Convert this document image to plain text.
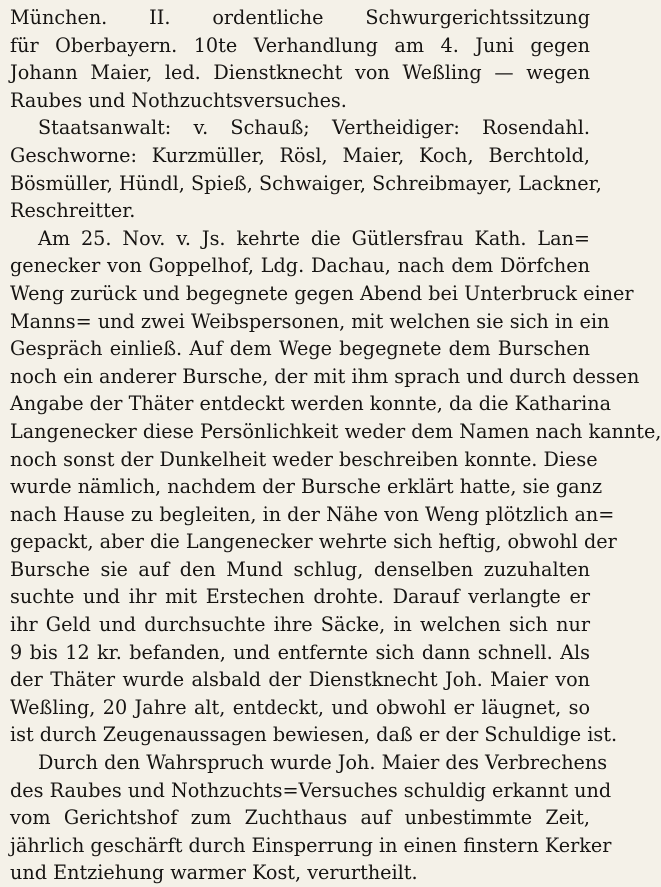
München. II. ordentliche Schwurgerichtssitzung
für Oberbayern. 10te Verhandlung am 4. Juni gegen
Johann Maier, led. Dienstknecht von Weßling — wegen
Raubes und Nothzuchtsversuches.

Staatsanwalt: v. Schauß; Vertheidiger: Rosendahl.
Geschworne: Kurzmüller, Rösl, Maier, Koch, Berchtold,
Bösmüller, Hündl, Spieß, Schwaiger, Schreibmayer, Lackner,
Reschreitter.

Am 25. Nov. v. Js. kehrte die Gütlersfrau Kath. Lan=
genecker von Goppelhof, Ldg. Dachau, nach dem Dörfchen
Weng zurück und begegnete gegen Abend bei Unterbruck einer
Manns= und zwei Weibspersonen, mit welchen sie sich in ein
Gespräch einließ. Auf dem Wege begegnete dem Burschen
noch ein anderer Bursche, der mit ihm sprach und durch dessen
Angabe der Thäter entdeckt werden konnte, da die Katharina
Langenecker diese Persönlichkeit weder dem Namen nach kannte,
noch sonst der Dunkelheit weder beschreiben konnte. Diese
wurde nämlich, nachdem der Bursche erklärt hatte, sie ganz
nach Hause zu begleiten, in der Nähe von Weng plötzlich an=
gepackt, aber die Langenecker wehrte sich heftig, obwohl der
Bursche sie auf den Mund schlug, denselben zuzuhalten
suchte und ihr mit Erstechen drohte. Darauf verlangte er
ihr Geld und durchsuchte ihre Säcke, in welchen sich nur
9 bis 12 kr. befanden, und entfernte sich dann schnell. Als
der Thäter wurde alsbald der Dienstknecht Joh. Maier von
Weßling, 20 Jahre alt, entdeckt, und obwohl er läugnet, so
ist durch Zeugenaussagen bewiesen, daß er der Schuldige ist.

Durch den Wahrspruch wurde Joh. Maier des Verbrechens
des Raubes und Nothzuchts=Versuches schuldig erkannt und
vom Gerichtshof zum Zuchthaus auf unbestimmte Zeit,
jährlich geschärft durch Einsperrung in einen finstern Kerker
und Entziehung warmer Kost, verurtheilt.
